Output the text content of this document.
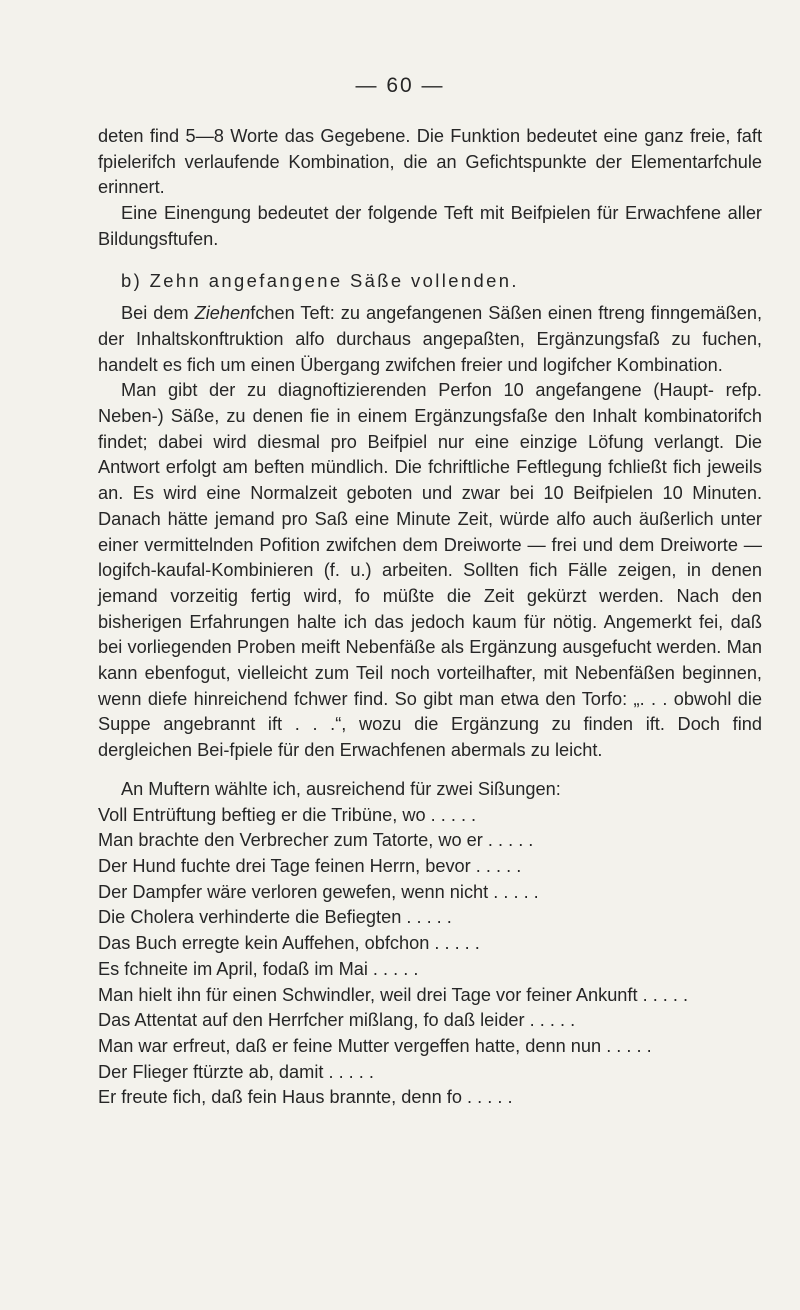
— 60 —

deten find 5—8 Worte das Gegebene. Die Funktion bedeutet eine ganz freie, faft fpielerifch verlaufende Kombination, die an Gefichtspunkte der Elementarfchule erinnert.

Eine Einengung bedeutet der folgende Teft mit Beifpielen für Erwachfene aller Bildungsftufen.

b) Zehn angefangene Säße vollenden.

Bei dem Ziehenfchen Teft: zu angefangenen Säßen einen ftreng finngemäßen, der Inhaltskonftruktion alfo durchaus angepaßten, Ergänzungsfaß zu fuchen, handelt es fich um einen Übergang zwifchen freier und logifcher Kombination.

Man gibt der zu diagnoftizierenden Perfon 10 angefangene (Haupt- refp. Neben-) Säße, zu denen fie in einem Ergänzungsfaße den Inhalt kombinatorifch findet; dabei wird diesmal pro Beifpiel nur eine einzige Löfung verlangt. Die Antwort erfolgt am beften mündlich. Die fchriftliche Feftlegung fchließt fich jeweils an. Es wird eine Normalzeit geboten und zwar bei 10 Beifpielen 10 Minuten. Danach hätte jemand pro Saß eine Minute Zeit, würde alfo auch äußerlich unter einer vermittelnden Pofition zwifchen dem Dreiworte — frei und dem Dreiworte — logifch-kaufal-Kombinieren (f. u.) arbeiten. Sollten fich Fälle zeigen, in denen jemand vorzeitig fertig wird, fo müßte die Zeit gekürzt werden. Nach den bisherigen Erfahrungen halte ich das jedoch kaum für nötig. Angemerkt fei, daß bei vorliegenden Proben meift Nebenfäße als Ergänzung ausgefucht werden. Man kann ebenfogut, vielleicht zum Teil noch vorteilhafter, mit Nebenfäßen beginnen, wenn diefe hinreichend fchwer find. So gibt man etwa den Torfo: „. . . obwohl die Suppe angebrannt ift . . .“, wozu die Ergänzung zu finden ift. Doch find dergleichen Bei-fpiele für den Erwachfenen abermals zu leicht.

An Muftern wählte ich, ausreichend für zwei Sißungen:

Voll Entrüftung beftieg er die Tribüne, wo . . . . .
Man brachte den Verbrecher zum Tatorte, wo er . . . . .
Der Hund fuchte drei Tage feinen Herrn, bevor . . . . .
Der Dampfer wäre verloren gewefen, wenn nicht . . . . .
Die Cholera verhinderte die Befiegten . . . . .
Das Buch erregte kein Auffehen, obfchon . . . . .
Es fchneite im April, fodaß im Mai . . . . .
Man hielt ihn für einen Schwindler, weil drei Tage vor feiner Ankunft . . . . .
Das Attentat auf den Herrfcher mißlang, fo daß leider . . . . .
Man war erfreut, daß er feine Mutter vergeffen hatte, denn nun . . . . .
Der Flieger ftürzte ab, damit . . . . .
Er freute fich, daß fein Haus brannte, denn fo . . . . .
